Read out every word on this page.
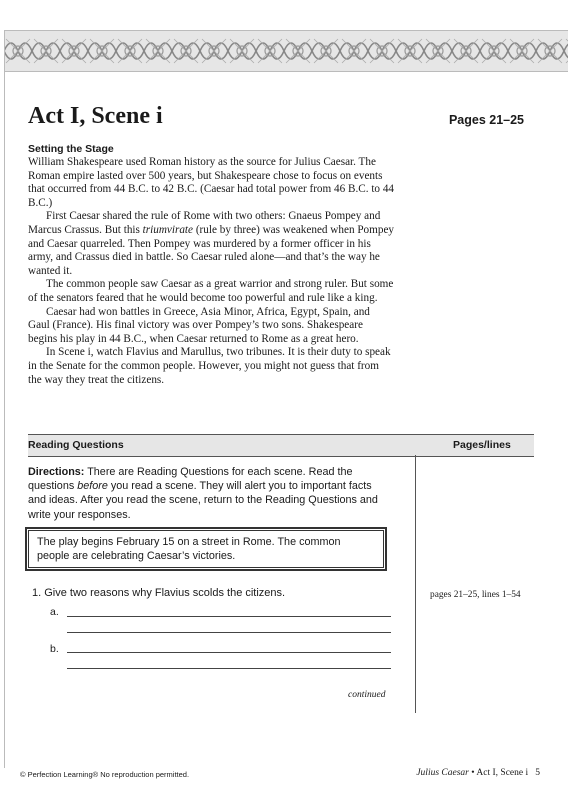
Act I, Scene i	Pages 21–25
Setting the Stage

William Shakespeare used Roman history as the source for Julius Caesar. The Roman empire lasted over 500 years, but Shakespeare chose to focus on events that occurred from 44 B.C. to 42 B.C. (Caesar had total power from 46 B.C. to 44 B.C.)

First Caesar shared the rule of Rome with two others: Gnaeus Pompey and Marcus Crassus. But this triumvirate (rule by three) was weakened when Pompey and Caesar quarreled. Then Pompey was murdered by a former officer in his army, and Crassus died in battle. So Caesar ruled alone—and that’s the way he wanted it.

The common people saw Caesar as a great warrior and strong ruler. But some of the senators feared that he would become too powerful and rule like a king.

Caesar had won battles in Greece, Asia Minor, Africa, Egypt, Spain, and Gaul (France). His final victory was over Pompey’s two sons. Shakespeare begins his play in 44 B.C., when Caesar returned to Rome as a great hero.

In Scene i, watch Flavius and Marullus, two tribunes. It is their duty to speak in the Senate for the common people. However, you might not guess that from the way they treat the citizens.

Reading Questions	Pages/lines
Directions: There are Reading Questions for each scene. Read the questions before you read a scene. They will alert you to important facts and ideas. After you read the scene, return to the Reading Questions and write your responses.
The play begins February 15 on a street in Rome. The common people are celebrating Caesar’s victories.
1. Give two reasons why Flavius scolds the citizens.	pages 21–25, lines 1–54
a.
b.
continued
© Perfection Learning® No reproduction permitted.	Julius Caesar • Act I, Scene i 5
